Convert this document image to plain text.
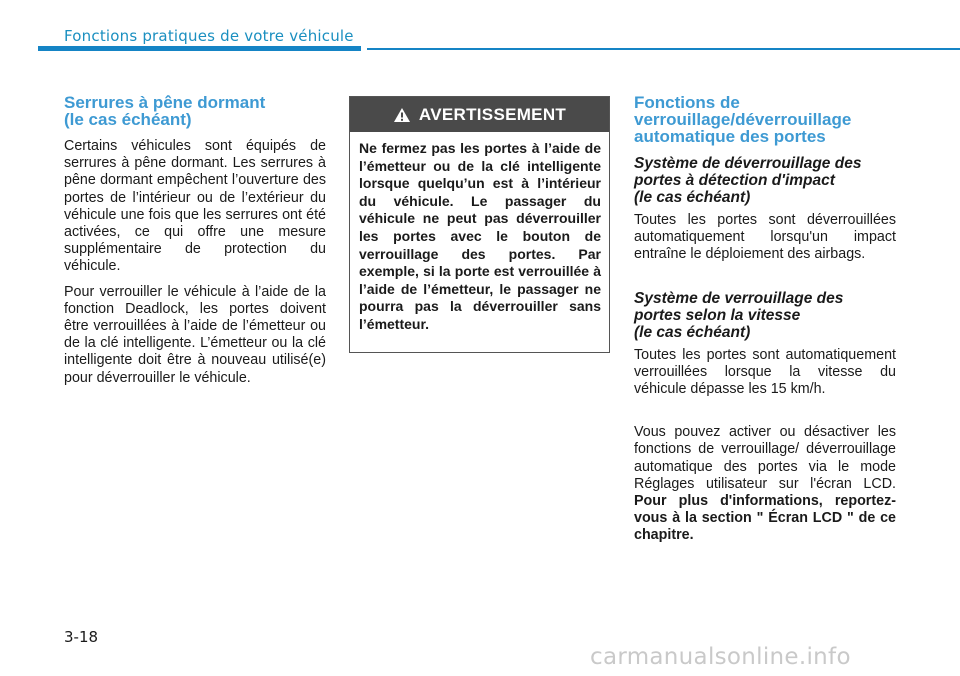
Fonctions pratiques de votre véhicule
Serrures à pêne dormant
(le cas échéant)

Certains véhicules sont équipés de serrures à pêne dormant. Les serrures à pêne dormant empêchent l’ouverture des portes de l’intérieur ou de l’extérieur du véhicule une fois que les serrures ont été activées, ce qui offre une mesure supplémentaire de protection du véhicule.

Pour verrouiller le véhicule à l’aide de la fonction Deadlock, les portes doivent être verrouillées à l’aide de l’émetteur ou de la clé intelligente. L’émetteur ou la clé intelligente doit être à nouveau utilisé(e) pour déverrouiller le véhicule.

AVERTISSEMENT
Ne fermez pas les portes à l’aide de l’émetteur ou de la clé intelligente lorsque quelqu’un est à l’intérieur du véhicule. Le passager du véhicule ne peut pas déverrouiller les portes avec le bouton de verrouillage des portes. Par exemple, si la porte est verrouillée à l’aide de l’émetteur, le passager ne pourra pas la déverrouiller sans l’émetteur.
Fonctions de
verrouillage/déverrouillage
automatique des portes
Système de déverrouillage des
portes à détection d'impact
(le cas échéant)

Toutes les portes sont déverrouillées automatiquement lorsqu'un impact entraîne le déploiement des airbags.

Système de verrouillage des
portes selon la vitesse
(le cas échéant)

Toutes les portes sont automatiquement verrouillées lorsque la vitesse du véhicule dépasse les 15 km/h.

Vous pouvez activer ou désactiver les fonctions de verrouillage/ déverrouillage automatique des portes via le mode Réglages utilisateur sur l'écran LCD. Pour plus d'informations, reportez-vous à la section " Écran LCD " de ce chapitre.

3-18
carmanualsonline.info
